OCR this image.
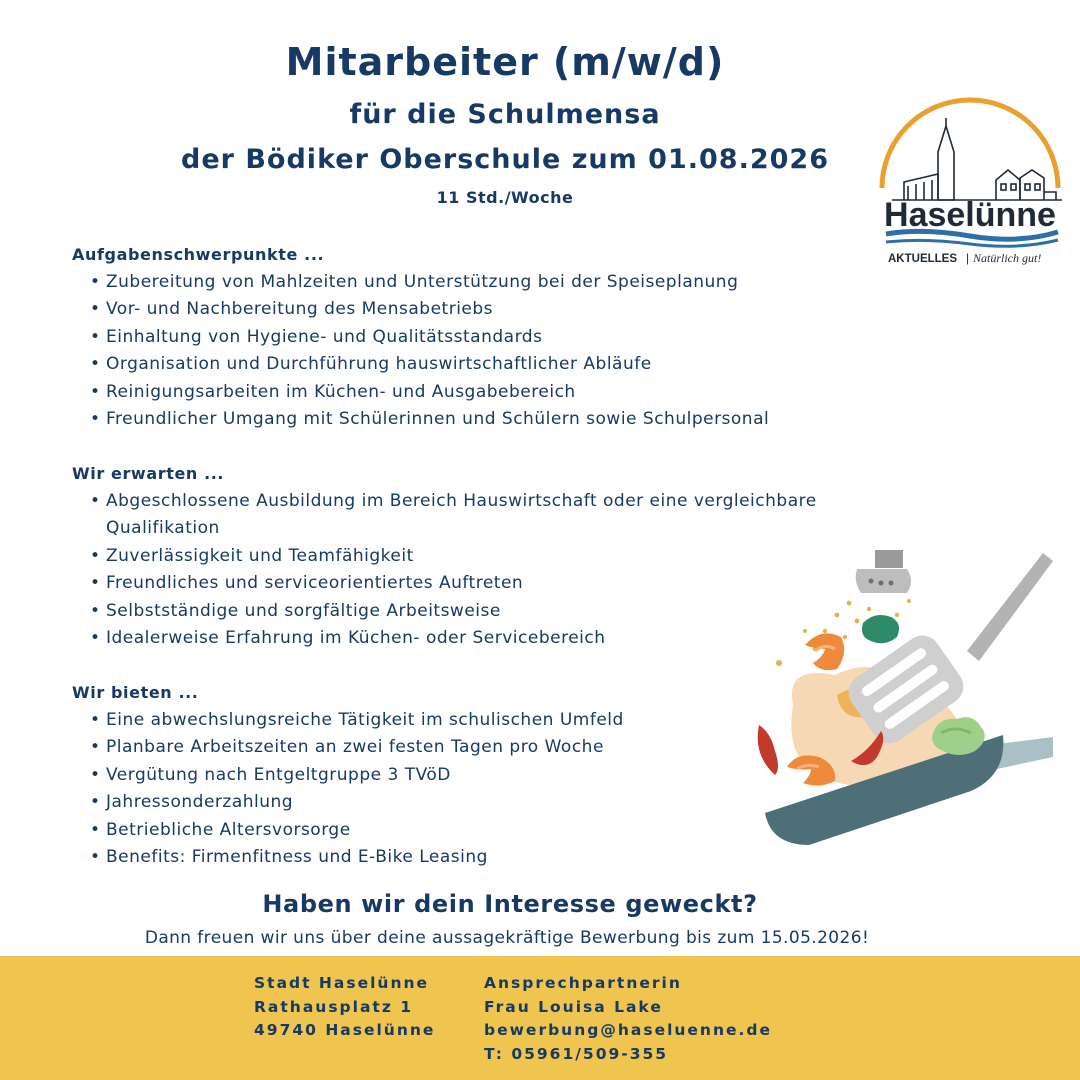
Mitarbeiter (m/w/d)
für die Schulmensa
der Bödiker Oberschule zum 01.08.2026
11 Std./Woche	Haselünne
AKTUELLES | Natürlich gut!
Aufgabenschwerpunkte ...
• Zubereitung von Mahlzeiten und Unterstützung bei der Speiseplanung
• Vor- und Nachbereitung des Mensabetriebs
• Einhaltung von Hygiene- und Qualitätsstandards
• Organisation und Durchführung hauswirtschaftlicher Abläufe
• Reinigungsarbeiten im Küchen- und Ausgabebereich
• Freundlicher Umgang mit Schülerinnen und Schülern sowie Schulpersonal
Wir erwarten ...
• Abgeschlossene Ausbildung im Bereich Hauswirtschaft oder eine vergleichbare Qualifikation
• Zuverlässigkeit und Teamfähigkeit
• Freundliches und serviceorientiertes Auftreten
• Selbstständige und sorgfältige Arbeitsweise
• Idealerweise Erfahrung im Küchen- oder Servicebereich
Wir bieten ...
• Eine abwechslungsreiche Tätigkeit im schulischen Umfeld
• Planbare Arbeitszeiten an zwei festen Tagen pro Woche
• Vergütung nach Entgeltgruppe 3 TVöD
• Jahressonderzahlung
• Betriebliche Altersvorsorge
• Benefits: Firmenfitness und E-Bike Leasing
Haben wir dein Interesse geweckt?
Dann freuen wir uns über deine aussagekräftige Bewerbung bis zum 15.05.2026!
Stadt Haselünne
Rathausplatz 1
49740 Haselünne
Ansprechpartnerin
Frau Louisa Lake
bewerbung@haseluenne.de
T: 05961/509-355
